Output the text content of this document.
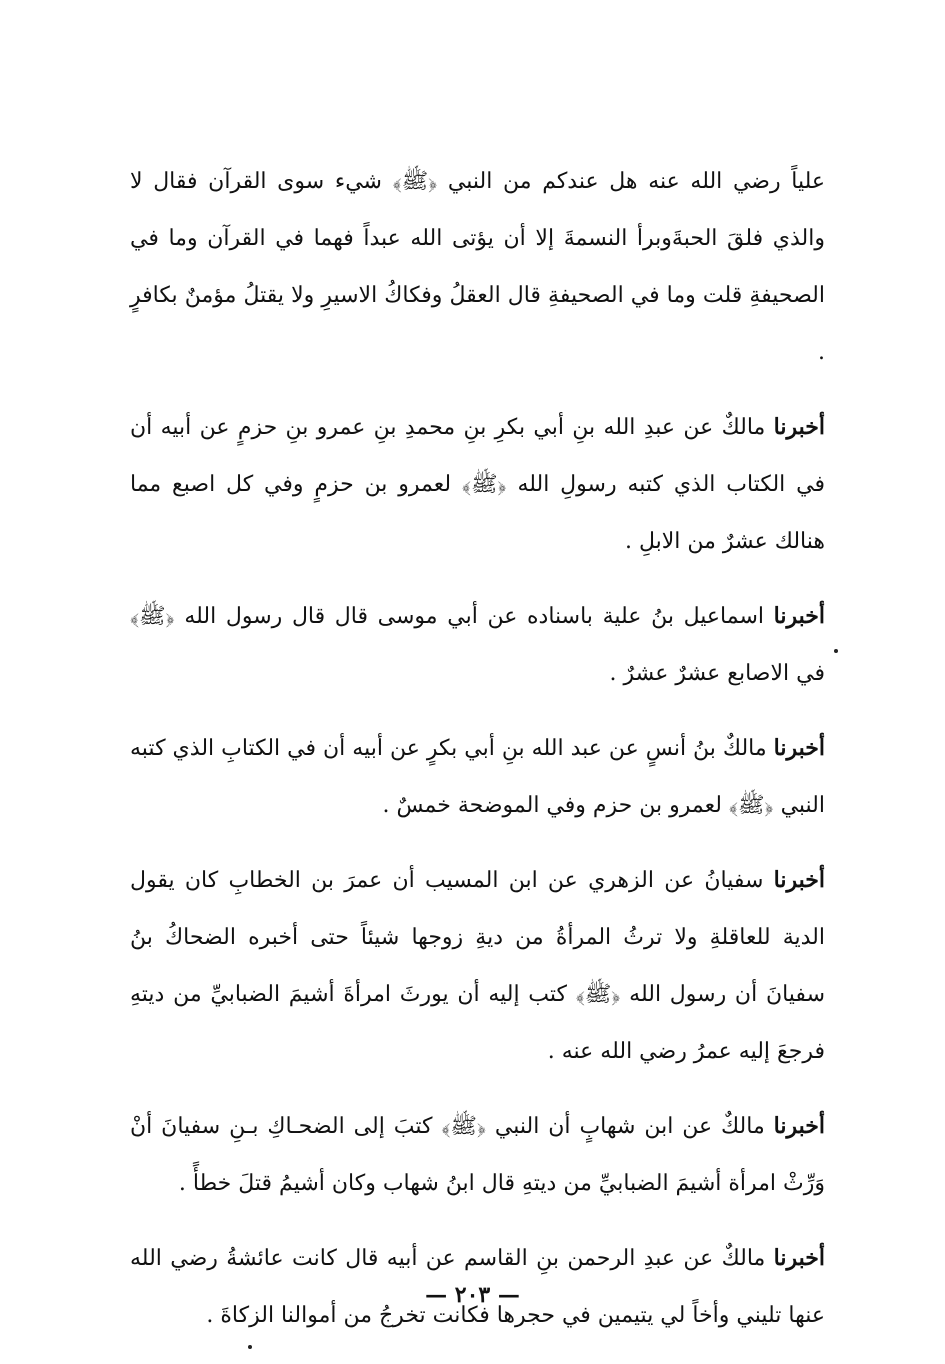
علياً رضي الله عنه هل عندكم من النبي ﴿ﷺ﴾ شيء سوى القرآن فقال لا والذي فلقَ الحبةَوبرأ النسمةَ إلا أن يؤتى الله عبداً فهما في القرآن وما في الصحيفةِ قلت وما في الصحيفةِ قال العقلُ وفكاكُ الاسيرِ ولا يقتلُ مؤمنٌ بكافرٍ .

أخبرنا مالكٌ عن عبدِ الله بنِ أبي بكرِ بنِ محمدِ بنِ عمرو بنِ حزمٍ عن أبيه أن في الكتاب الذي كتبه رسولِ الله ﴿ﷺ﴾ لعمرو بن حزمٍ وفي كل اصبع مما هنالك عشرٌ من الابلِ .

أخبرنا اسماعيل بنُ علية باسناده عن أبي موسى قال قال رسول الله ﴿ﷺ﴾ في الاصابع عشرٌ عشرٌ .

أخبرنا مالكٌ بنُ أنسٍ عن عبد الله بنِ أبي بكرٍ عن أبيه أن في الكتابِ الذي كتبه النبي ﴿ﷺ﴾ لعمرو بن حزم وفي الموضحة خمسٌ .

أخبرنا سفيانُ عن الزهري عن ابن المسيب أن عمرَ بن الخطابِ كان يقول الدية للعاقلةِ ولا ترثُ المرأةُ من ديةِ زوجها شيئاً حتى أخبره الضحاكُ بنُ سفيانَ أن رسول الله ﴿ﷺ﴾ كتب إليه أن يورثَ امرأةَ أشيمَ الضبابيِّ من ديتهِ فرجعَ إليه عمرُ رضي الله عنه .

أخبرنا مالكٌ عن ابن شهابٍ أن النبي ﴿ﷺ﴾ كتبَ إلى الضحـاكِ بـنِ سفيانَ أنْ وَرِّثْ امرأة أشيمَ الضبابيِّ من ديتهِ قال ابنُ شهاب وكان أشيمُ قتلَ خطأً .

أخبرنا مالكٌ عن عبدِ الرحمن بنِ القاسم عن أبيه قال كانت عائشةُ رضي الله عنها تليني وأخاً لي يتيمين في حجرها فكانت تخرجُ من أموالنا الزكاةَ .

— ٢٠٣ —
